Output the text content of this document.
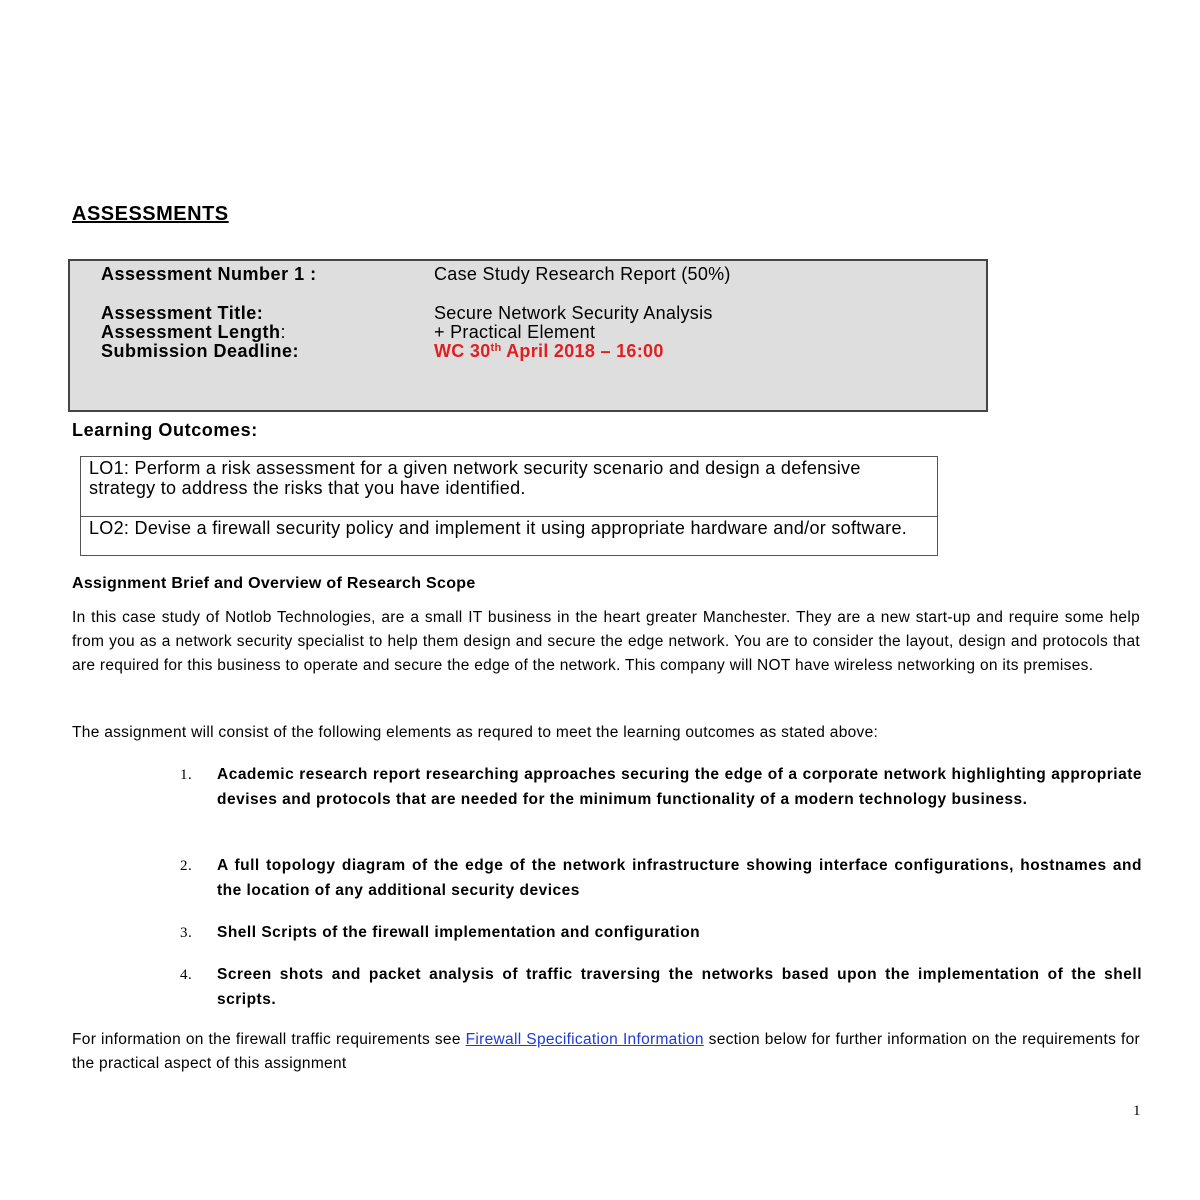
ASSESSMENTS
Assessment Number 1 :	Case Study Research Report (50%)
Assessment Title:	Secure Network Security Analysis
Assessment Length:	+ Practical Element
Submission Deadline:	WC 30th April 2018 – 16:00
Learning Outcomes:
LO1: Perform a risk assessment for a given network security scenario and design a defensive strategy to address the risks that you have identified.
LO2: Devise a firewall security policy and implement it using appropriate hardware and/or software.
Assignment Brief and Overview of Research Scope
In this case study of Notlob Technologies, are a small IT business in the heart greater Manchester. They are a new start-up and require some help from you as a network security specialist to help them design and secure the edge network. You are to consider the layout, design and protocols that are required for this business to operate and secure the edge of the network. This company will NOT have wireless networking on its premises.
The assignment will consist of the following elements as requred to meet the learning outcomes as stated above:
1. Academic research report researching approaches securing the edge of a corporate network highlighting appropriate devises and protocols that are needed for the minimum functionality of a modern technology business.
2. A full topology diagram of the edge of the network infrastructure showing interface configurations, hostnames and the location of any additional security devices
3. Shell Scripts of the firewall implementation and configuration
4. Screen shots and packet analysis of traffic traversing the networks based upon the implementation of the shell scripts.
For information on the firewall traffic requirements see Firewall Specification Information section below for further information on the requirements for the practical aspect of this assignment
1
